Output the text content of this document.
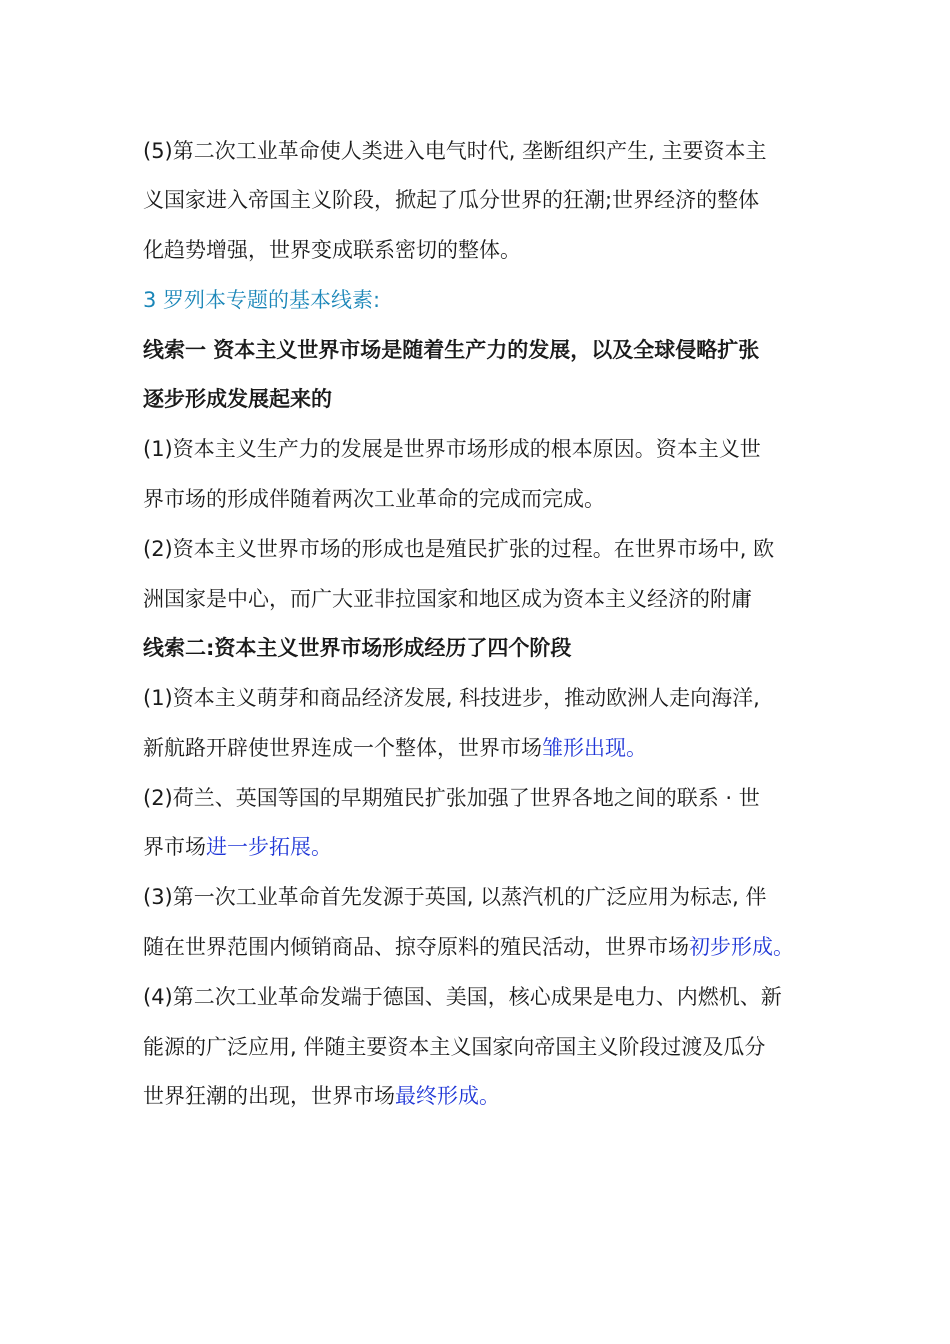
(5)第二次工业革命使人类进入电气时代, 垄断组织产生, 主要资本主

义国家进入帝国主义阶段，掀起了瓜分世界的狂潮;世界经济的整体

化趋势增强，世界变成联系密切的整体。

3 罗列本专题的基本线素:

线索一 资本主义世界市场是随着生产力的发展，以及全球侵略扩张

逐步形成发展起来的

(1)资本主义生产力的发展是世界市场形成的根本原因。资本主义世

界市场的形成伴随着两次工业革命的完成而完成。

(2)资本主义世界市场的形成也是殖民扩张的过程。在世界市场中, 欧

洲国家是中心，而广大亚非拉国家和地区成为资本主义经济的附庸

线索二:资本主义世界市场形成经历了四个阶段

(1)资本主义萌芽和商品经济发展, 科技进步，推动欧洲人走向海洋,

新航路开辟使世界连成一个整体，世界市场雏形出现。

(2)荷兰、英国等国的早期殖民扩张加强了世界各地之间的联系 · 世

界市场进一步拓展。

(3)第一次工业革命首先发源于英国, 以蒸汽机的广泛应用为标志, 伴

随在世界范围内倾销商品、掠夺原料的殖民活动，世界市场初步形成。

(4)第二次工业革命发端于德国、美国，核心成果是电力、内燃机、新

能源的广泛应用, 伴随主要资本主义国家向帝国主义阶段过渡及瓜分

世界狂潮的出现，世界市场最终形成。
